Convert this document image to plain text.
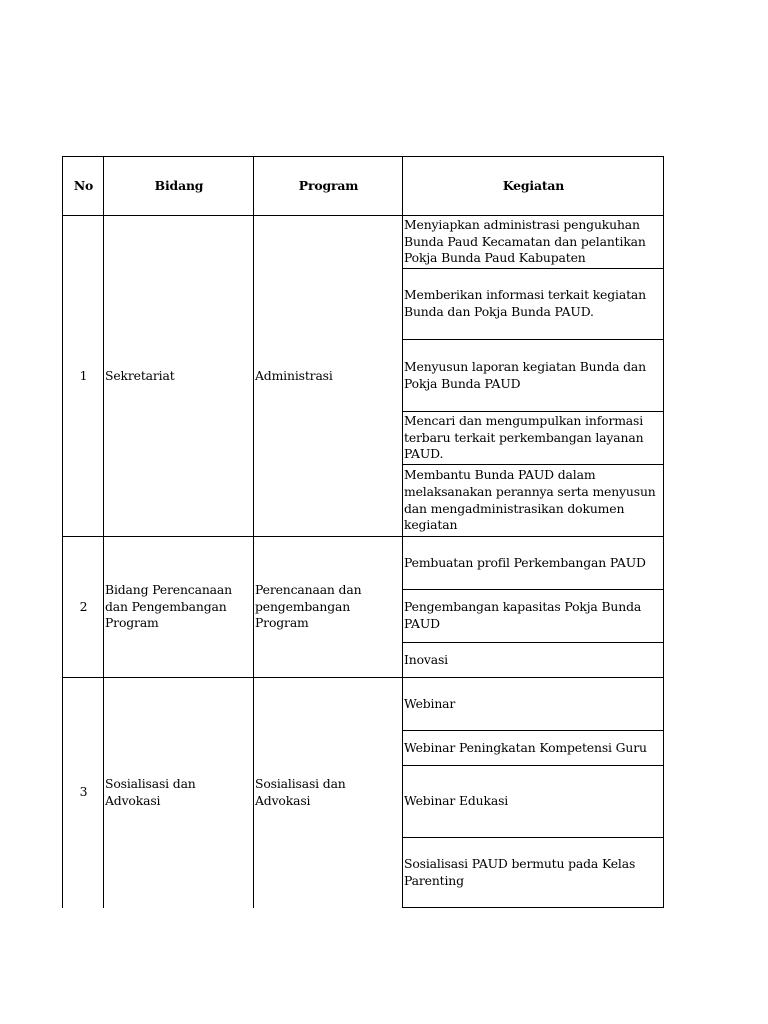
No	Bidang	Program	Kegiatan
1	Sekretariat	Administrasi	Menyiapkan administrasi pengukuhan Bunda Paud Kecamatan dan pelantikan Pokja Bunda Paud Kabupaten
			Memberikan informasi terkait kegiatan Bunda dan Pokja Bunda PAUD.
			Menyusun laporan kegiatan Bunda dan Pokja Bunda PAUD
			Mencari dan mengumpulkan informasi terbaru terkait perkembangan layanan PAUD.
			Membantu Bunda PAUD dalam melaksanakan perannya serta menyusun dan mengadministrasikan dokumen kegiatan
2	Bidang Perencanaan dan Pengembangan Program	Perencanaan dan pengembangan Program	Pembuatan profil Perkembangan PAUD
			Pengembangan kapasitas Pokja Bunda PAUD
			Inovasi
3	Sosialisasi dan Advokasi	Sosialisasi dan Advokasi	Webinar
			Webinar Peningkatan Kompetensi Guru
			Webinar Edukasi
			Sosialisasi PAUD bermutu pada Kelas Parenting
